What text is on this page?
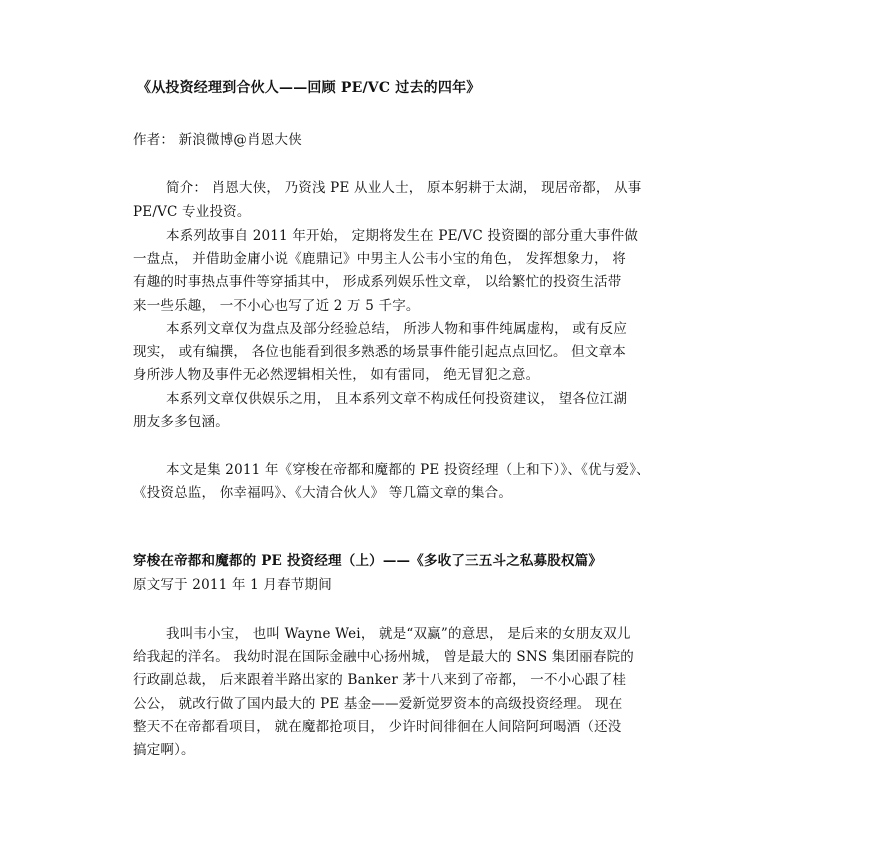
《从投资经理到合伙人——回顾 PE/VC 过去的四年》
作者： 新浪微博@肖恩大侠
简介： 肖恩大侠， 乃资浅 PE 从业人士， 原本躬耕于太湖， 现居帝都， 从事
PE/VC 专业投资。
本系列故事自 2011 年开始， 定期将发生在 PE/VC 投资圈的部分重大事件做
一盘点， 并借助金庸小说《鹿鼎记》中男主人公韦小宝的角色， 发挥想象力， 将
有趣的时事热点事件等穿插其中， 形成系列娱乐性文章， 以给繁忙的投资生活带
来一些乐趣， 一不小心也写了近 2 万 5 千字。
本系列文章仅为盘点及部分经验总结， 所涉人物和事件纯属虚构， 或有反应
现实， 或有编撰， 各位也能看到很多熟悉的场景事件能引起点点回忆。 但文章本
身所涉人物及事件无必然逻辑相关性， 如有雷同， 绝无冒犯之意。
本系列文章仅供娱乐之用， 且本系列文章不构成任何投资建议， 望各位江湖
朋友多多包涵。
本文是集 2011 年《穿梭在帝都和魔都的 PE 投资经理（上和下）》、《优与爱》、
《投资总监， 你幸福吗》、《大清合伙人》 等几篇文章的集合。
穿梭在帝都和魔都的 PE 投资经理（上）——《多收了三五斗之私募股权篇》
原文写于 2011 年 1 月春节期间
我叫韦小宝， 也叫 Wayne Wei， 就是“双赢”的意思， 是后来的女朋友双儿
给我起的洋名。 我幼时混在国际金融中心扬州城， 曾是最大的 SNS 集团丽春院的
行政副总裁， 后来跟着半路出家的 Banker 茅十八来到了帝都， 一不小心跟了桂
公公， 就改行做了国内最大的 PE 基金——爱新觉罗资本的高级投资经理。 现在
整天不在帝都看项目， 就在魔都抢项目， 少许时间徘徊在人间陪阿珂喝酒（还没
搞定啊）。
